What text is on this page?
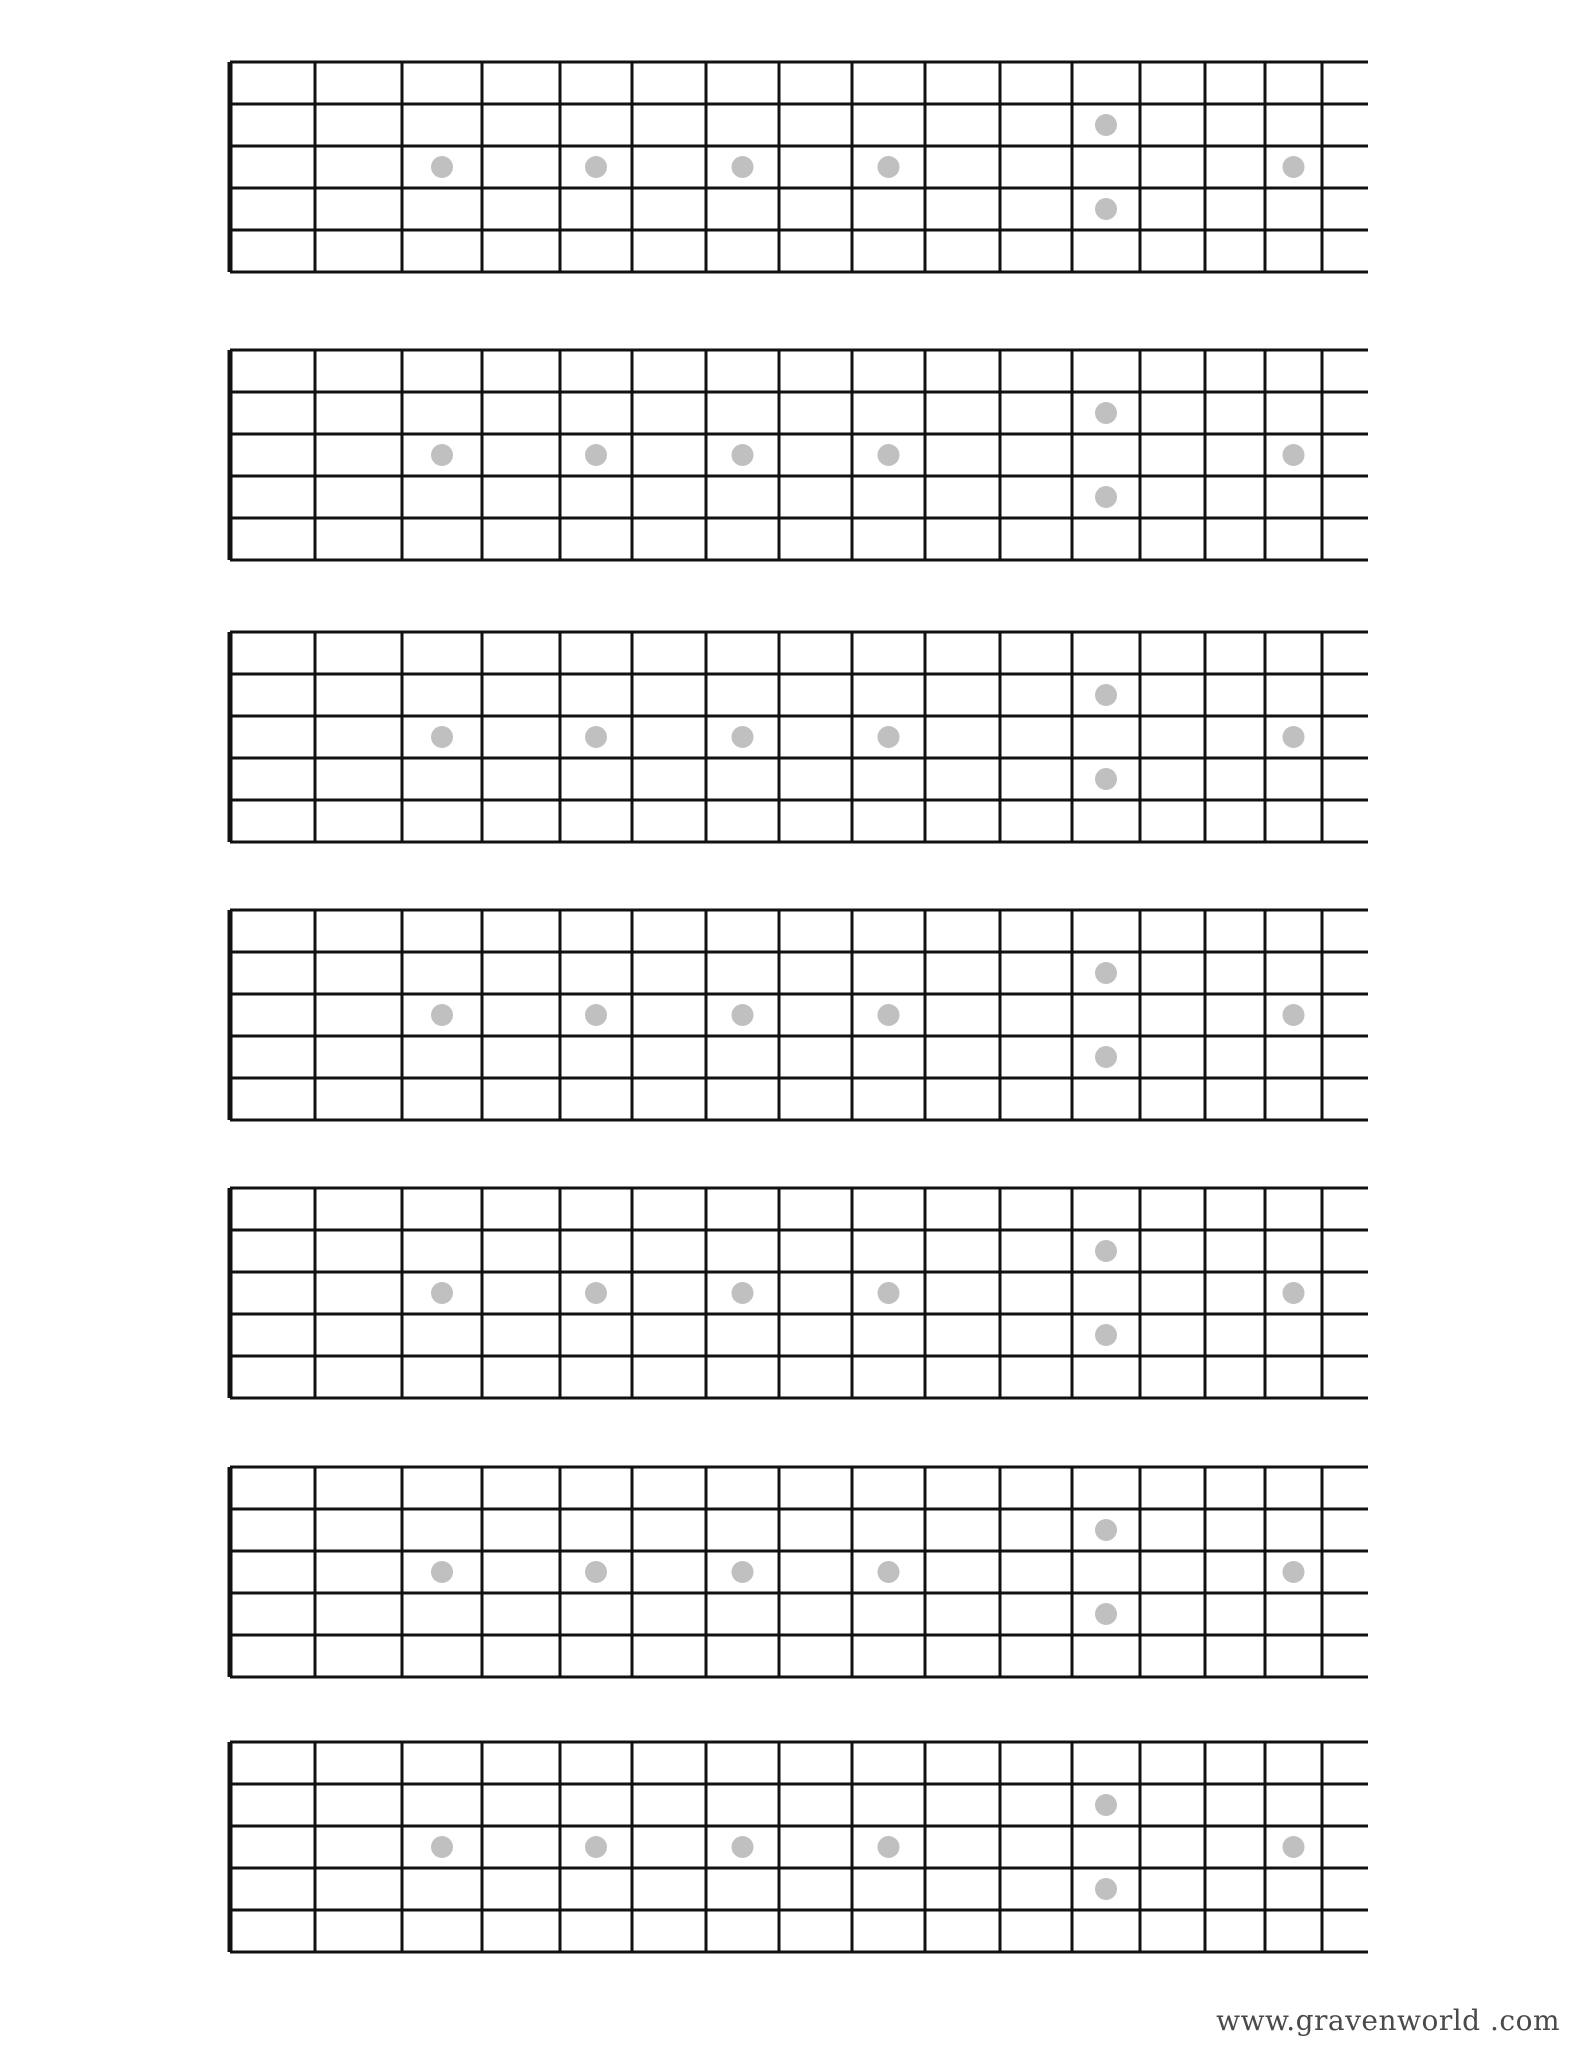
www.gravenworld .com
